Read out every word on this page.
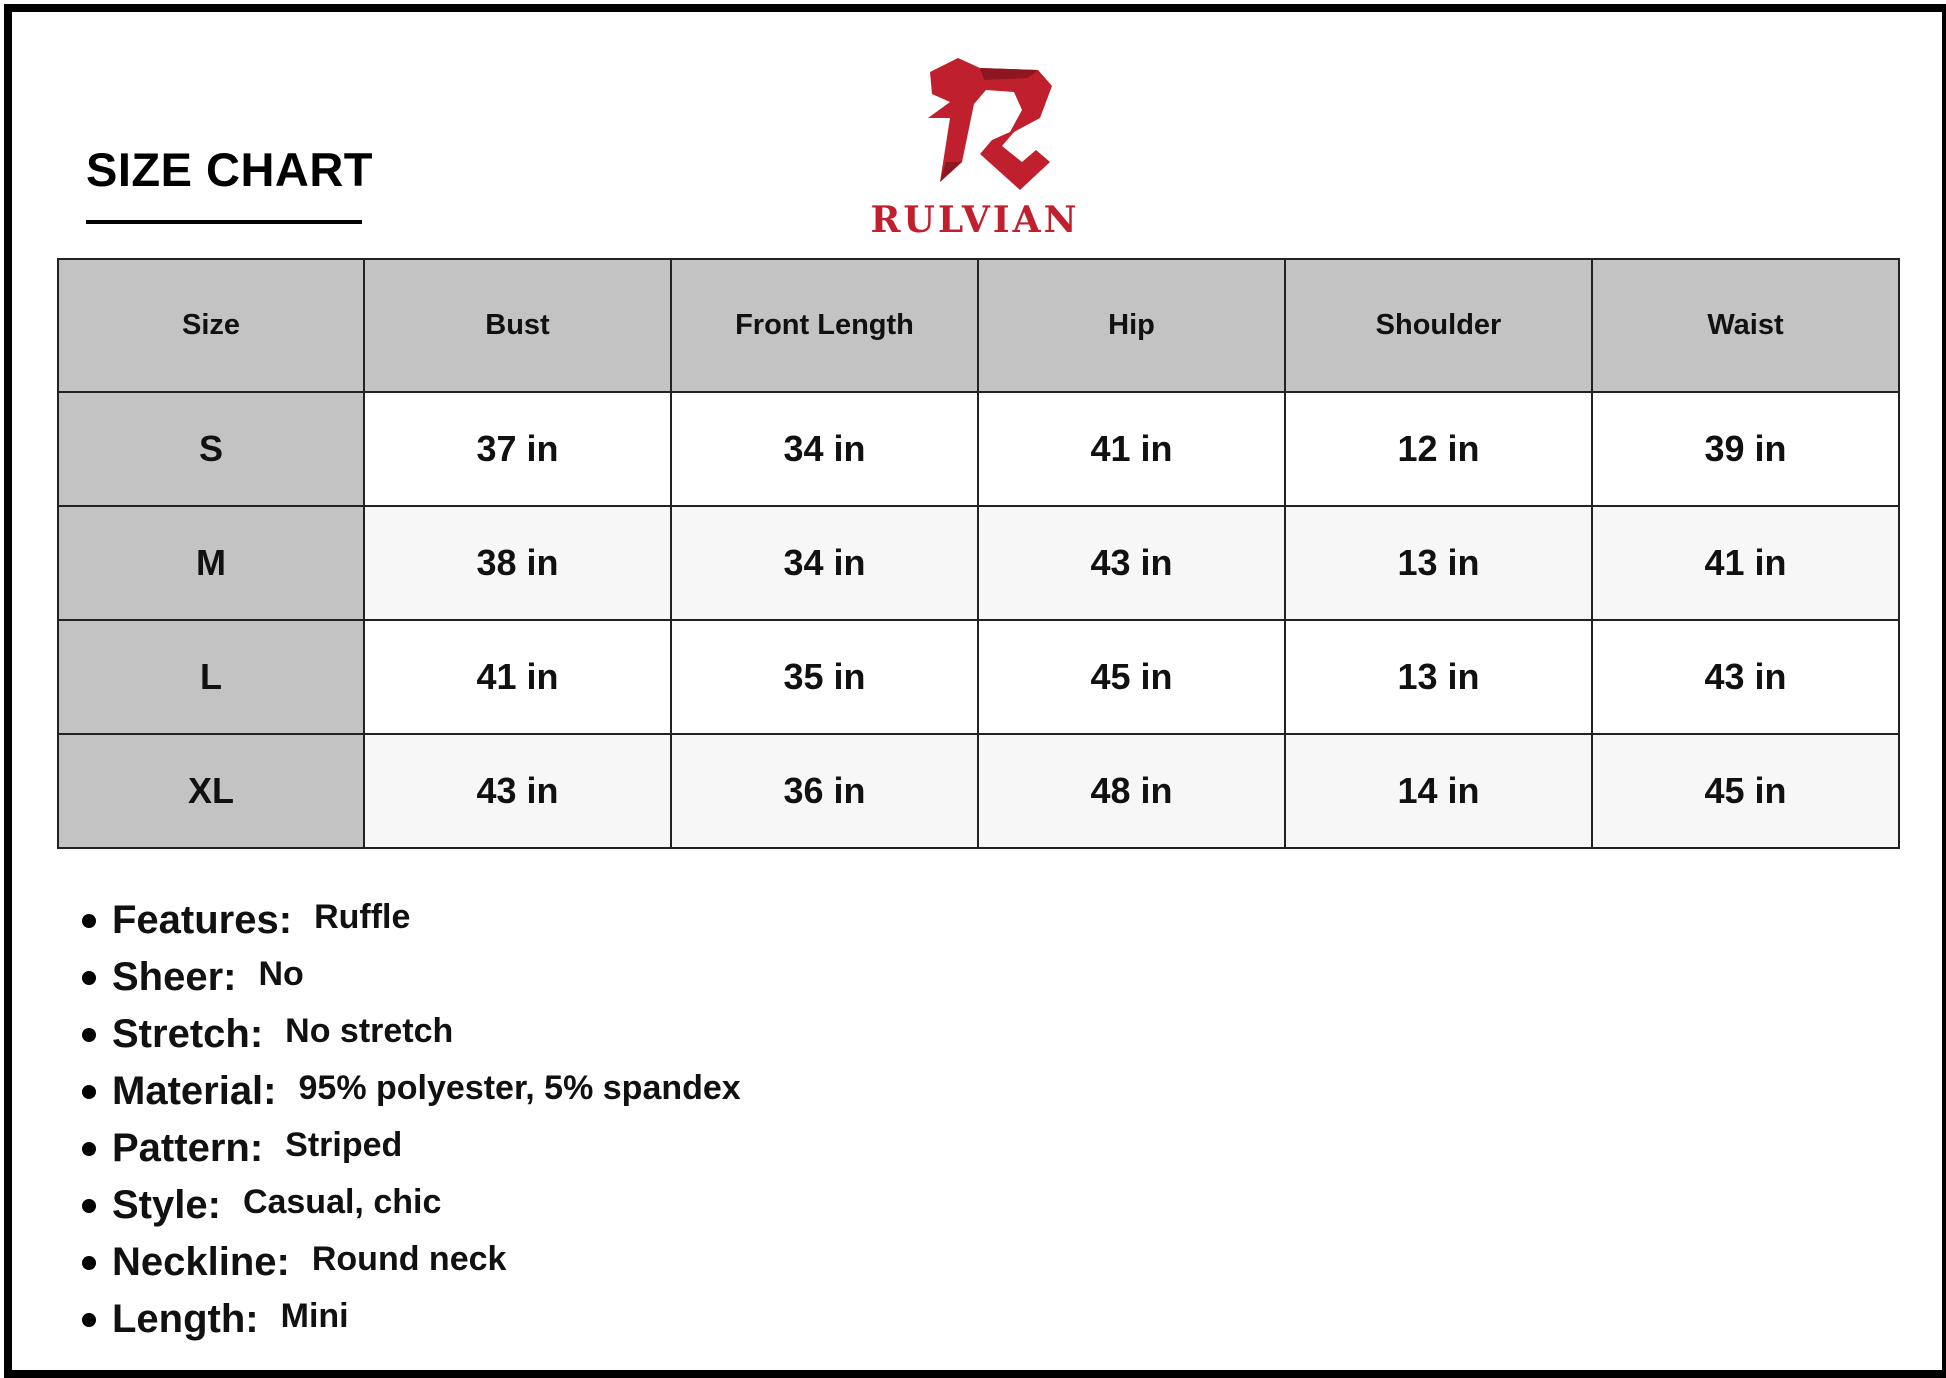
SIZE CHART
RULVIAN
Size	Bust	Front Length	Hip	Shoulder	Waist
S	37 in	34 in	41 in	12 in	39 in
M	38 in	34 in	43 in	13 in	41 in
L	41 in	35 in	45 in	13 in	43 in
XL	43 in	36 in	48 in	14 in	45 in
Features: Ruffle
Sheer: No
Stretch: No stretch
Material: 95% polyester, 5% spandex
Pattern: Striped
Style: Casual, chic
Neckline: Round neck
Length: Mini
